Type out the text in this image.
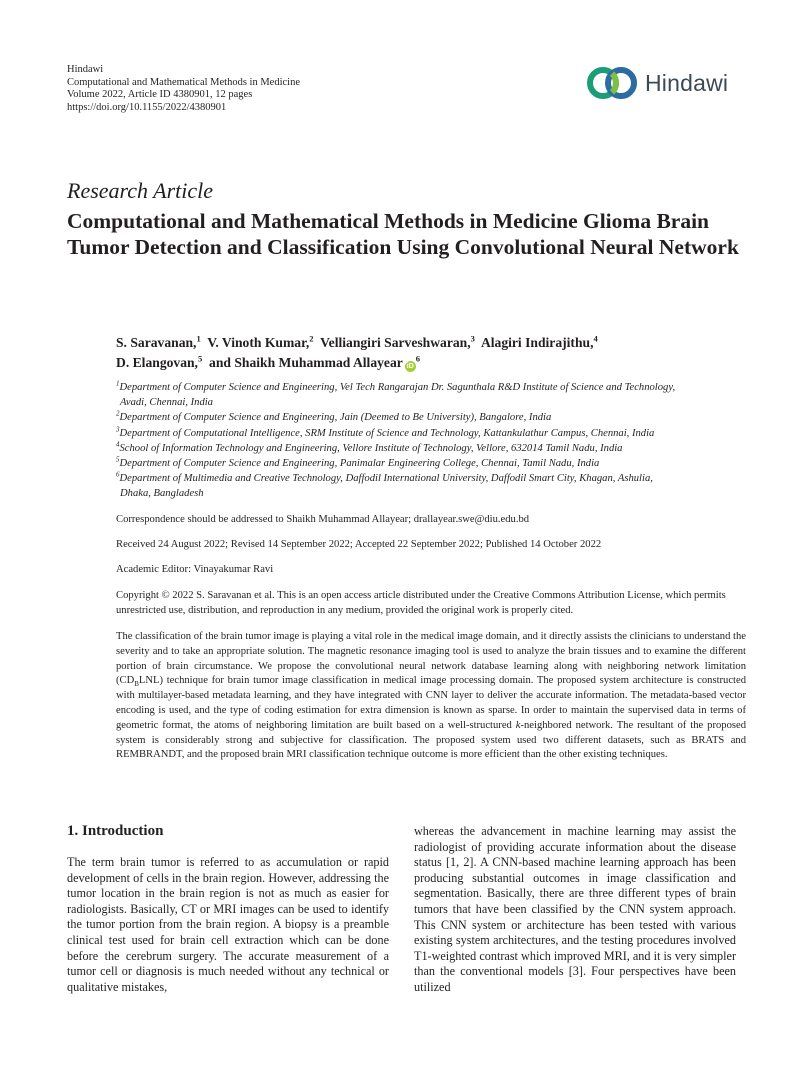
Hindawi
Computational and Mathematical Methods in Medicine
Volume 2022, Article ID 4380901, 12 pages
https://doi.org/10.1155/2022/4380901
Hindawi
Research Article
Computational and Mathematical Methods in Medicine Glioma Brain Tumor Detection and Classification Using Convolutional Neural Network
S. Saravanan,$^1$ V. Vinoth Kumar,$^2$ Velliangiri Sarveshwaran,$^3$ Alagiri Indirajithu,$^4$
D. Elangovan,$^5$ and Shaikh Muhammad Allayear $iD^6$
$^1$Department of Computer Science and Engineering, Vel Tech Rangarajan Dr. Sagunthala R&D Institute of Science and Technology,
Avadi, Chennai, India
$^2$Department of Computer Science and Engineering, Jain (Deemed to Be University), Bangalore, India
$^3$Department of Computational Intelligence, SRM Institute of Science and Technology, Kattankulathur Campus, Chennai, India
$^4$School of Information Technology and Engineering, Vellore Institute of Technology, Vellore, 632014 Tamil Nadu, India
$^5$Department of Computer Science and Engineering, Panimalar Engineering College, Chennai, Tamil Nadu, India
$^6$Department of Multimedia and Creative Technology, Daffodil International University, Daffodil Smart City, Khagan, Ashulia,
Dhaka, Bangladesh
Correspondence should be addressed to Shaikh Muhammad Allayear; drallayear.swe@diu.edu.bd
Received 24 August 2022; Revised 14 September 2022; Accepted 22 September 2022; Published 14 October 2022
Academic Editor: Vinayakumar Ravi
Copyright © 2022 S. Saravanan et al. This is an open access article distributed under the Creative Commons Attribution License, which permits unrestricted use, distribution, and reproduction in any medium, provided the original work is properly cited.
The classification of the brain tumor image is playing a vital role in the medical image domain, and it directly assists the clinicians to understand the severity and to take an appropriate solution. The magnetic resonance imaging tool is used to analyze the brain tissues and to examine the different portion of brain circumstance. We propose the convolutional neural network database learning along with neighboring network limitation $(CD_BLNL)$ technique for brain tumor image classification in medical image processing domain. The proposed system architecture is constructed with multilayer-based metadata learning, and they have integrated with CNN layer to deliver the accurate information. The metadata-based vector encoding is used, and the type of coding estimation for extra dimension is known as sparse. In order to maintain the supervised data in terms of geometric format, the atoms of neighboring limitation are built based on a well-structured k-neighbored network. The resultant of the proposed system is considerably strong and subjective for classification. The proposed system used two different datasets, such as BRATS and REMBRANDT, and the proposed brain MRI classification technique outcome is more efficient than the other existing techniques.
1. Introduction

The term brain tumor is referred to as accumulation or rapid development of cells in the brain region. However, addressing the tumor location in the brain region is not as much as easier for radiologists. Basically, CT or MRI images can be used to identify the tumor portion from the brain region. A biopsy is a preamble clinical test used for brain cell extraction which can be done before the cerebrum surgery. The accurate measurement of a tumor cell or diagnosis is much needed without any technical or qualitative mistakes,

whereas the advancement in machine learning may assist the radiologist of providing accurate information about the disease status [1, 2]. A CNN-based machine learning approach has been producing substantial outcomes in image classification and segmentation. Basically, there are three different types of brain tumors that have been classified by the CNN system approach. This CNN system or architecture has been tested with various existing system architectures, and the testing procedures involved T1-weighted contrast which improved MRI, and it is very simpler than the conventional models [3]. Four perspectives have been utilized
